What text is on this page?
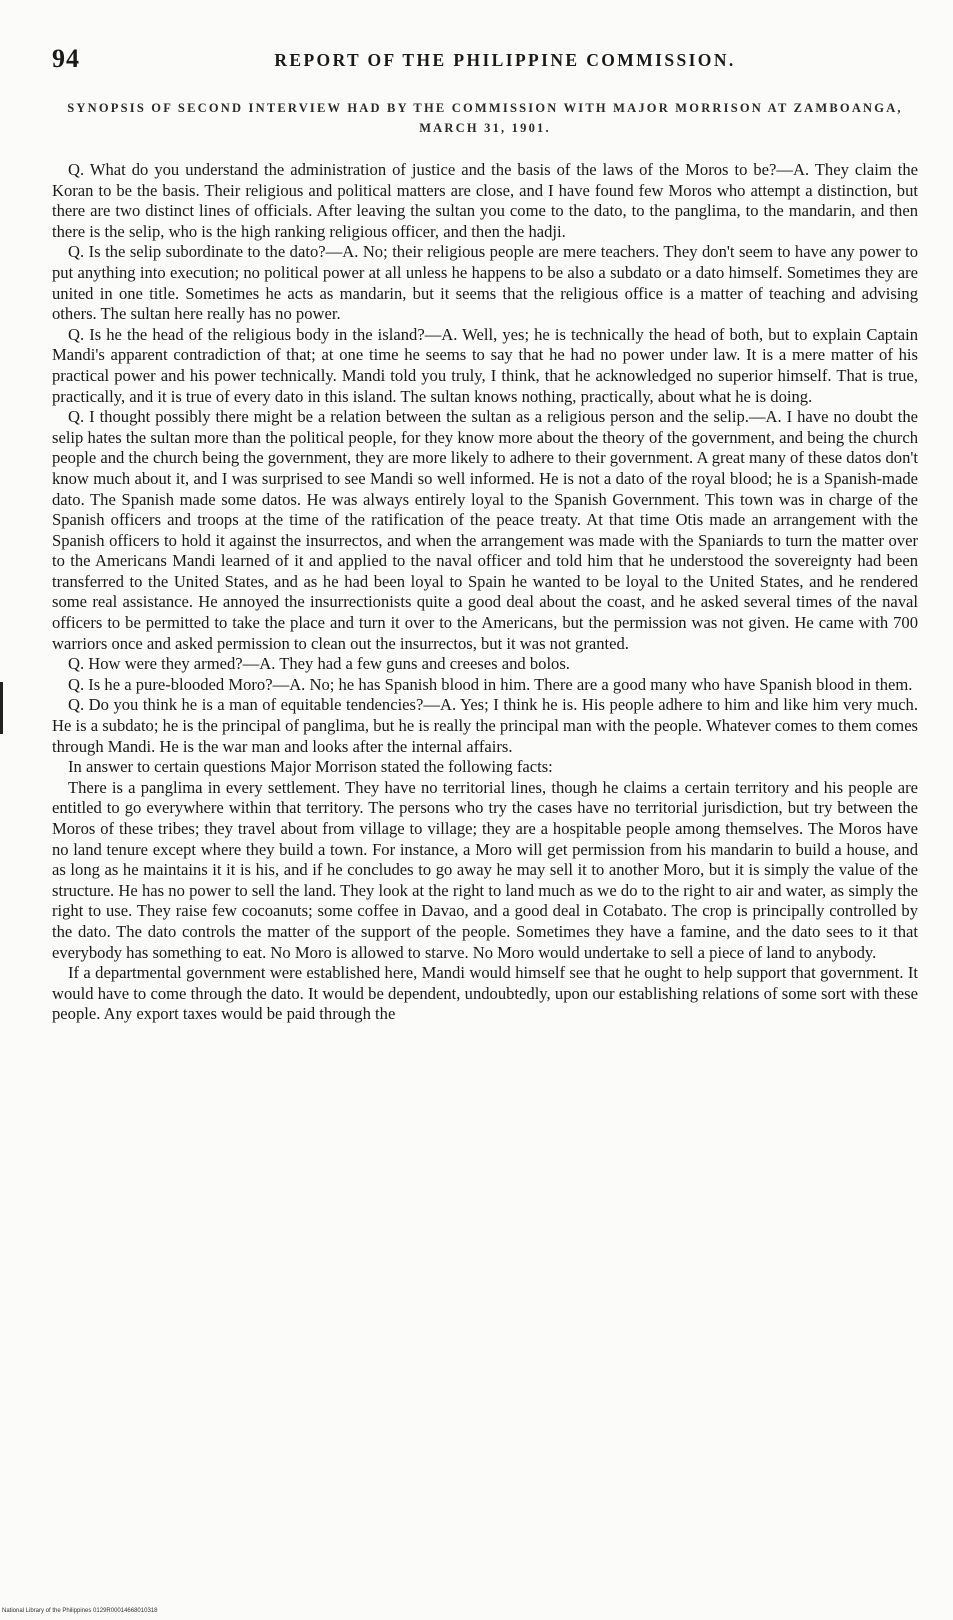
94	REPORT OF THE PHILIPPINE COMMISSION.
SYNOPSIS OF SECOND INTERVIEW HAD BY THE COMMISSION WITH MAJOR MORRISON AT ZAMBOANGA, MARCH 31, 1901.

Q. What do you understand the administration of justice and the basis of the laws of the Moros to be?—A. They claim the Koran to be the basis. Their religious and political matters are close, and I have found few Moros who attempt a distinction, but there are two distinct lines of officials. After leaving the sultan you come to the dato, to the panglima, to the mandarin, and then there is the selip, who is the high ranking religious officer, and then the hadji.

Q. Is the selip subordinate to the dato?—A. No; their religious people are mere teachers. They don't seem to have any power to put anything into execution; no political power at all unless he happens to be also a subdato or a dato himself. Sometimes they are united in one title. Sometimes he acts as mandarin, but it seems that the religious office is a matter of teaching and advising others. The sultan here really has no power.

Q. Is he the head of the religious body in the island?—A. Well, yes; he is technically the head of both, but to explain Captain Mandi's apparent contradiction of that; at one time he seems to say that he had no power under law. It is a mere matter of his practical power and his power technically. Mandi told you truly, I think, that he acknowledged no superior himself. That is true, practically, and it is true of every dato in this island. The sultan knows nothing, practically, about what he is doing.

Q. I thought possibly there might be a relation between the sultan as a religious person and the selip.—A. I have no doubt the selip hates the sultan more than the political people, for they know more about the theory of the government, and being the church people and the church being the government, they are more likely to adhere to their government. A great many of these datos don't know much about it, and I was surprised to see Mandi so well informed. He is not a dato of the royal blood; he is a Spanish-made dato. The Spanish made some datos. He was always entirely loyal to the Spanish Government. This town was in charge of the Spanish officers and troops at the time of the ratification of the peace treaty. At that time Otis made an arrangement with the Spanish officers to hold it against the insurrectos, and when the arrangement was made with the Spaniards to turn the matter over to the Americans Mandi learned of it and applied to the naval officer and told him that he understood the sovereignty had been transferred to the United States, and as he had been loyal to Spain he wanted to be loyal to the United States, and he rendered some real assistance. He annoyed the insurrectionists quite a good deal about the coast, and he asked several times of the naval officers to be permitted to take the place and turn it over to the Americans, but the permission was not given. He came with 700 warriors once and asked permission to clean out the insurrectos, but it was not granted.

Q. How were they armed?—A. They had a few guns and creeses and bolos.

Q. Is he a pure-blooded Moro?—A. No; he has Spanish blood in him. There are a good many who have Spanish blood in them.

Q. Do you think he is a man of equitable tendencies?—A. Yes; I think he is. His people adhere to him and like him very much. He is a subdato; he is the principal of panglima, but he is really the principal man with the people. Whatever comes to them comes through Mandi. He is the war man and looks after the internal affairs.

In answer to certain questions Major Morrison stated the following facts:

There is a panglima in every settlement. They have no territorial lines, though he claims a certain territory and his people are entitled to go everywhere within that territory. The persons who try the cases have no territorial jurisdiction, but try between the Moros of these tribes; they travel about from village to village; they are a hospitable people among themselves. The Moros have no land tenure except where they build a town. For instance, a Moro will get permission from his mandarin to build a house, and as long as he maintains it it is his, and if he concludes to go away he may sell it to another Moro, but it is simply the value of the structure. He has no power to sell the land. They look at the right to land much as we do to the right to air and water, as simply the right to use. They raise few cocoanuts; some coffee in Davao, and a good deal in Cotabato. The crop is principally controlled by the dato. The dato controls the matter of the support of the people. Sometimes they have a famine, and the dato sees to it that everybody has something to eat. No Moro is allowed to starve. No Moro would undertake to sell a piece of land to anybody.

If a departmental government were established here, Mandi would himself see that he ought to help support that government. It would have to come through the dato. It would be dependent, undoubtedly, upon our establishing relations of some sort with these people. Any export taxes would be paid through the

National Library of the Philippines 0129R00014668010318
